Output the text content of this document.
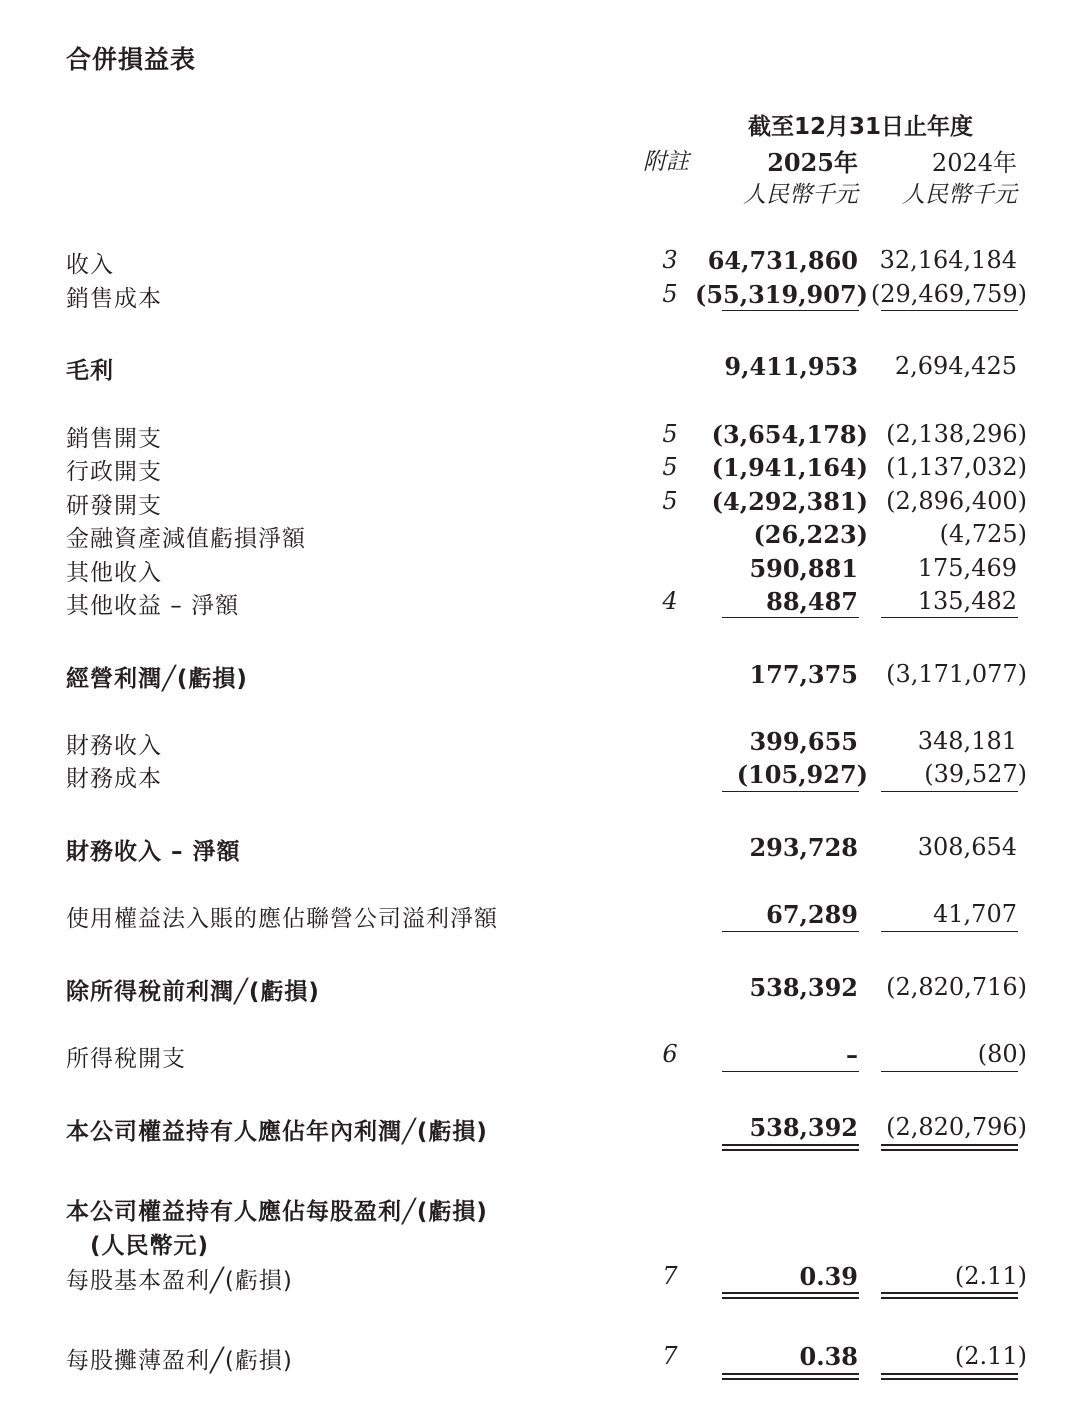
合併損益表
截至12月31日止年度
附註	2025年	2024年
人民幣千元 人民幣千元
收入	3 64,731,860 32,164,184
銷售成本	5 (55,319,907) (29,469,759)
毛利	9,411,953 2,694,425
銷售開支	5 (3,654,178) (2,138,296)
行政開支	5 (1,941,164) (1,137,032)
研發開支	5 (4,292,381) (2,896,400)
金融資產減值虧損淨額	(26,223)	(4,725)
其他收入	590,881 175,469
其他收益 – 淨額	4	88,487 135,482
經營利潤╱(虧損)	177,375 (3,171,077)
財務收入	399,655 348,181
財務成本	(105,927) (39,527)
財務收入 – 淨額	293,728 308,654
使用權益法入賬的應佔聯營公司溢利淨額	67,289	41,707
除所得稅前利潤╱(虧損)	538,392 (2,820,716)
所得稅開支	6	–	(80)
本公司權益持有人應佔年內利潤╱(虧損)	538,392 (2,820,796)
本公司權益持有人應佔每股盈利╱(虧損)
(人民幣元)
每股基本盈利╱(虧損)	7	0.39	(2.11)
每股攤薄盈利╱(虧損)	7	0.38	(2.11)
